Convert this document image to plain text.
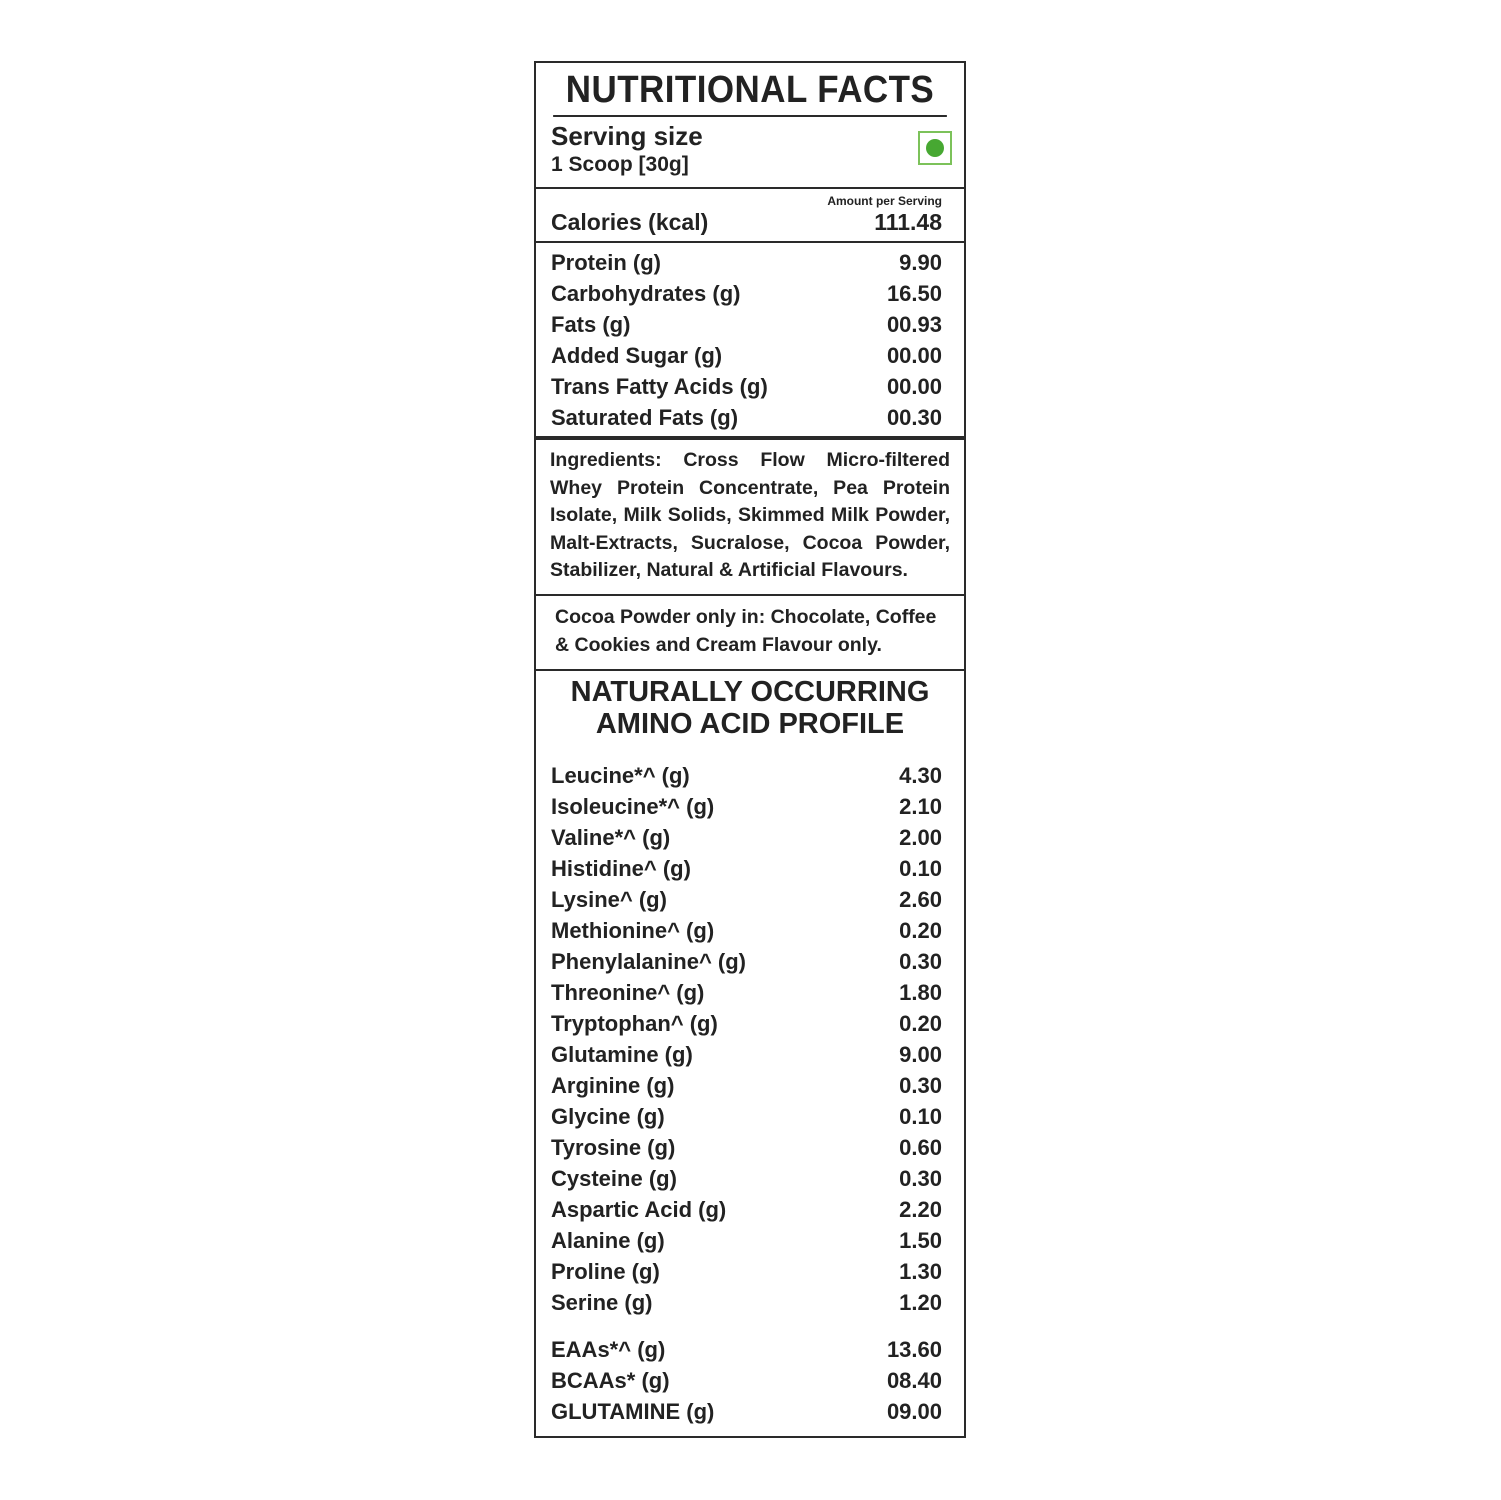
NUTRITIONAL FACTS
Serving size
1 Scoop [30g]
Amount per Serving
Calories (kcal)	111.48
Protein (g)	9.90
Carbohydrates (g)	16.50
Fats (g)	00.93
Added Sugar (g)	00.00
Trans Fatty Acids (g)	00.00
Saturated Fats (g)	00.30
Ingredients: Cross Flow Micro-filtered Whey Protein Concentrate, Pea Protein Isolate, Milk Solids, Skimmed Milk Powder, Malt-Extracts, Sucralose, Cocoa Powder, Stabilizer, Natural & Artificial Flavours.
Cocoa Powder only in: Chocolate, Coffee & Cookies and Cream Flavour only.
NATURALLY OCCURRING
AMINO ACID PROFILE
Leucine*^ (g)	4.30
Isoleucine*^ (g)	2.10
Valine*^ (g)	2.00
Histidine^ (g)	0.10
Lysine^ (g)	2.60
Methionine^ (g)	0.20
Phenylalanine^ (g)	0.30
Threonine^ (g)	1.80
Tryptophan^ (g)	0.20
Glutamine (g)	9.00
Arginine (g)	0.30
Glycine (g)	0.10
Tyrosine (g)	0.60
Cysteine (g)	0.30
Aspartic Acid (g)	2.20
Alanine (g)	1.50
Proline (g)	1.30
Serine (g)	1.20
EAAs*^ (g)	13.60
BCAAs* (g)	08.40
GLUTAMINE (g)	09.00
